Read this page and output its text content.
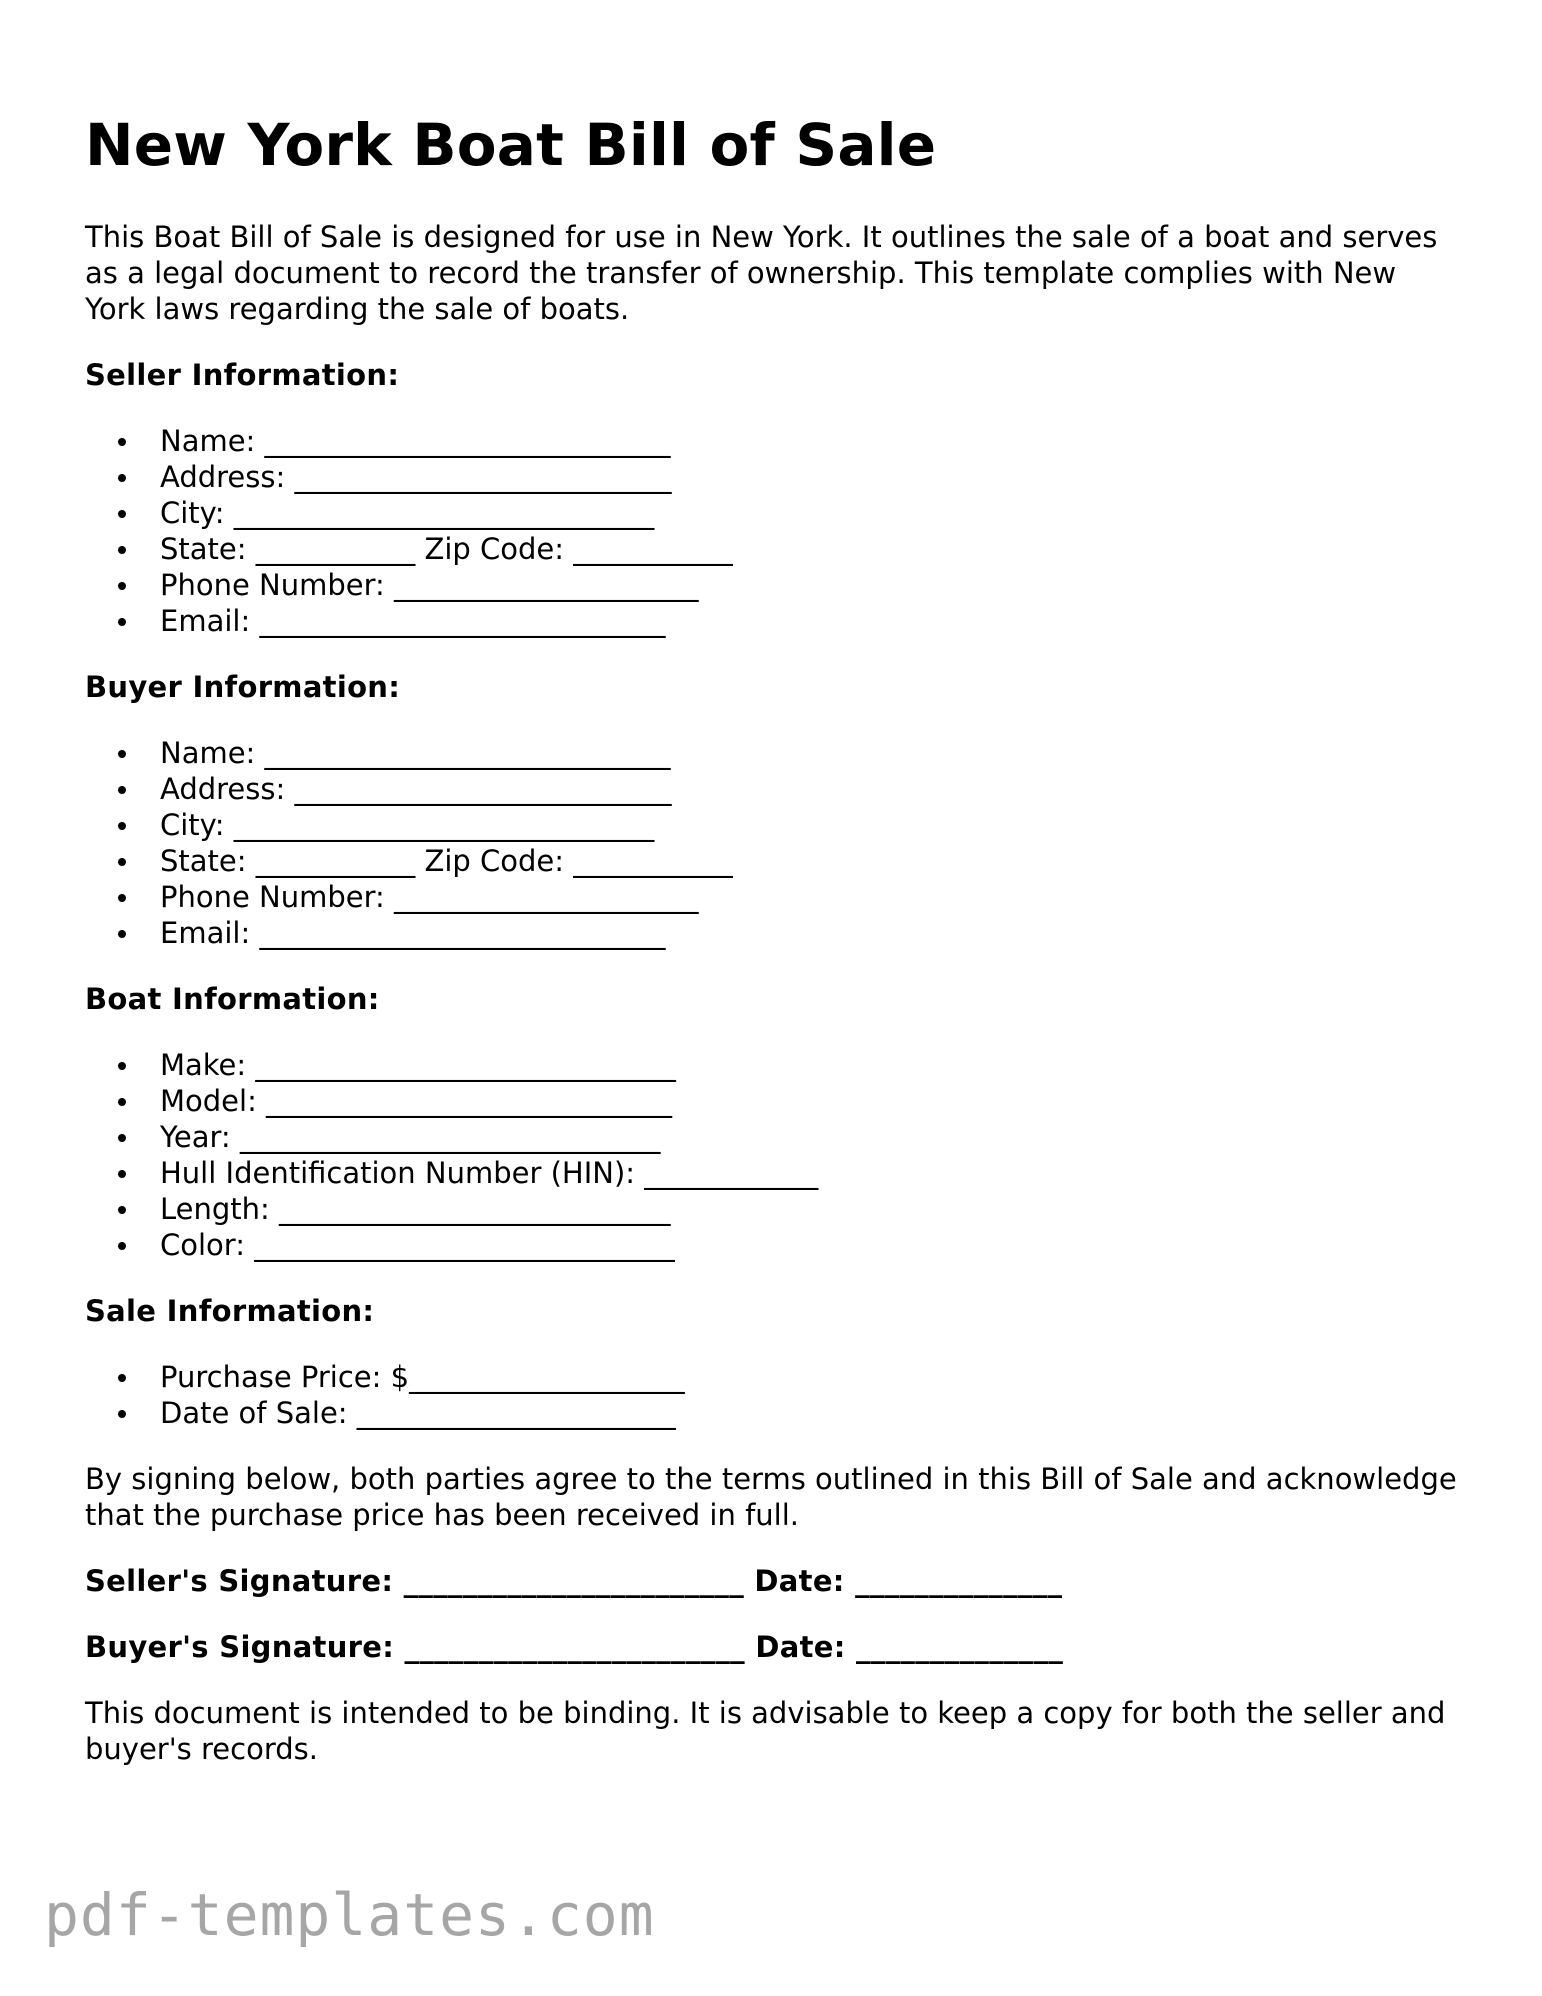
New York Boat Bill of Sale

This Boat Bill of Sale is designed for use in New York. It outlines the sale of a boat and serves as a legal document to record the transfer of ownership. This template complies with New York laws regarding the sale of boats.

Seller Information:
Name: ____________________________
Address: __________________________
City: _____________________________
State: ___________ Zip Code: ___________
Phone Number: _____________________
Email: ____________________________
Buyer Information:
Name: ____________________________
Address: __________________________
City: _____________________________
State: ___________ Zip Code: ___________
Phone Number: _____________________
Email: ____________________________
Boat Information:
Make: _____________________________
Model: ____________________________
Year: _____________________________
Hull Identification Number (HIN): ____________
Length: ___________________________
Color: _____________________________
Sale Information:
Purchase Price: $___________________
Date of Sale: ______________________

By signing below, both parties agree to the terms outlined in this Bill of Sale and acknowledge that the purchase price has been received in full.

Seller's Signature: _______________________ Date: ______________
Buyer's Signature: _______________________ Date: ______________

This document is intended to be binding. It is advisable to keep a copy for both the seller and buyer's records.

pdf-templates.com
